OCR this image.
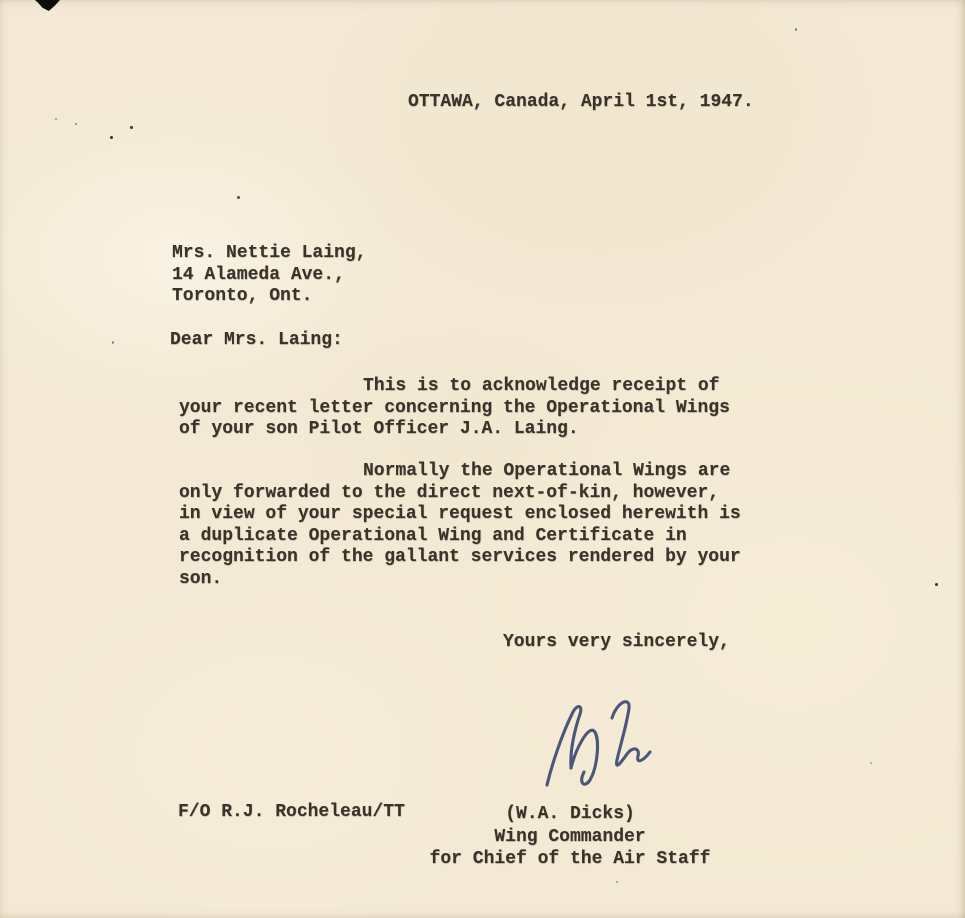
OTTAWA, Canada, April 1st, 1947.
Mrs. Nettie Laing,
14 Alameda Ave.,
Toronto, Ont.
Dear Mrs. Laing:
This is to acknowledge receipt of
your recent letter concerning the Operational Wings
of your son Pilot Officer J.A. Laing.
Normally the Operational Wings are
only forwarded to the direct next-of-kin, however,
in view of your special request enclosed herewith is
a duplicate Operational Wing and Certificate in
recognition of the gallant services rendered by your
son.
Yours very sincerely,
F/O R.J. Rocheleau/TT	(W.A. Dicks)
Wing Commander
for Chief of the Air Staff
